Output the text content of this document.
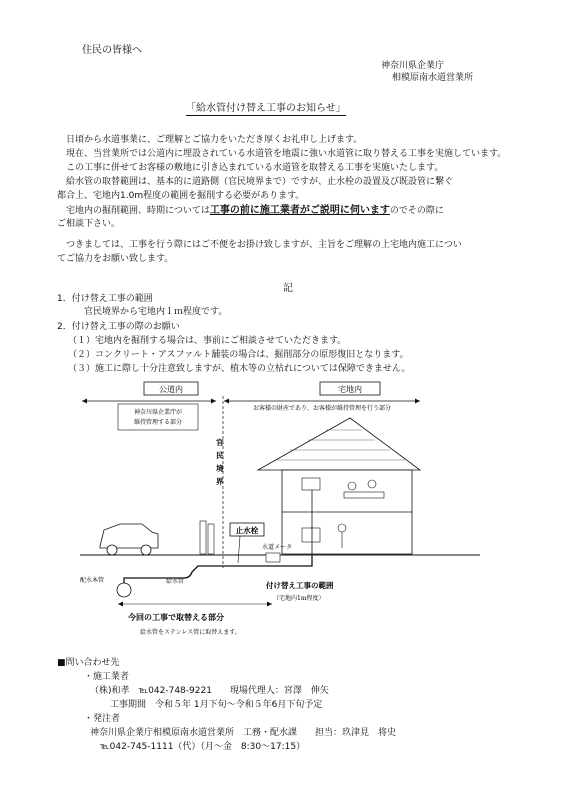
住民の皆様へ
神奈川県企業庁
相模原南水道営業所
「給水管付け替え工事のお知らせ」
日頃から水道事業に、ご理解とご協力をいただき厚くお礼申し上げます。
現在、当営業所では公道内に埋設されている水道管を地震に強い水道管に取り替える工事を実施しています。
この工事に併せてお客様の敷地に引き込まれている水道管を取替える工事を実施いたします。
給水管の取替範囲は、基本的に道路側（官民境界まで）ですが、止水栓の設置及び既設管に繋ぐ
都合上、宅地内1.0m程度の範囲を掘削する必要があります。
宅地内の掘削範囲、時期については工事の前に施工業者がご説明に伺いますのでその際に
ご相談下さい。
つきましては、工事を行う際にはご不便をお掛け致しますが、主旨をご理解の上宅地内施工につい
てご協力をお願い致します。
記
1．付け替え工事の範囲
官民境界から宅地内１ｍ程度です。
2．付け替え工事の際のお願い
（１）宅地内を掘削する場合は、事前にご相談させていただきます。
（２）コンクリート・アスファルト舗装の場合は、掘削部分の原形復旧となります。
（３）施工に際し十分注意致しますが、植木等の立枯れについては保障できません。
公道内	宅地内
神奈川県企業庁が
維持管理する部分
お客様の財産であり、お客様が維持管理を行う部分
官
民
境
界
止水栓
水道メータ
配水本管	給水管	付け替え工事の範囲
（宅地内1m程度）
今回の工事で取替える部分
給水管をステンレス管に取替えます。
■問い合わせ先
・施工業者
（株)和孝　℡042-748-9221　　現場代理人：宮澤　伸矢
工事期間　令和５年 1月下旬～令和５年6月下旬予定
・発注者
神奈川県企業庁相模原南水道営業所　工務・配水課　　担当：玖津見　将史
℡042-745-1111（代）（月～金　8:30～17:15）
